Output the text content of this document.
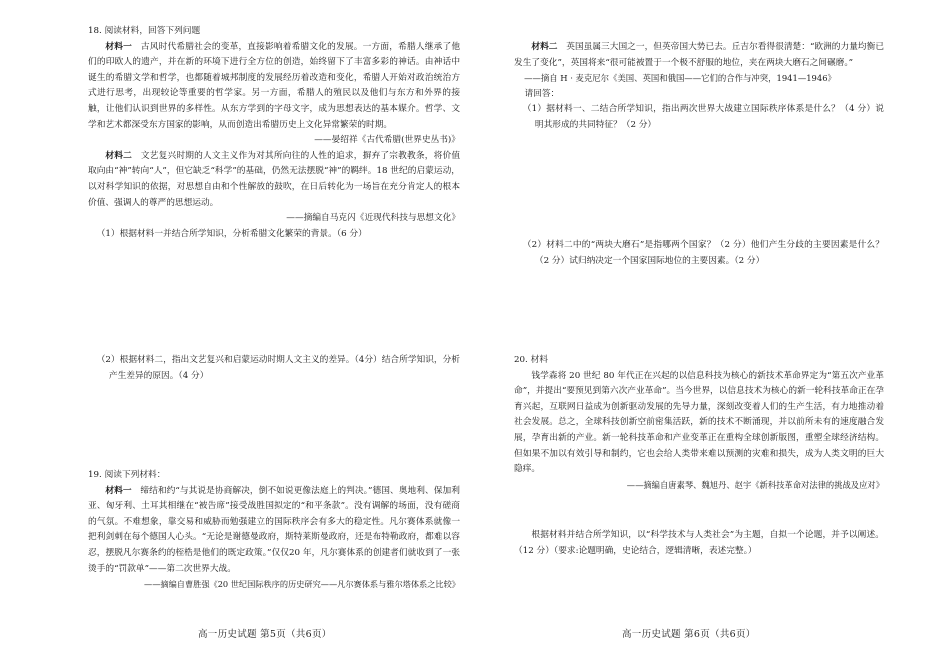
18. 阅读材料，回答下列问题

材料一　 古风时代希腊社会的变革，直接影响着希腊文化的发展。一方面，希腊人继承了他们的印欧人的遗产，并在新的环境下进行全方位的创造，始终留下了丰富多彩的神话。由神话中诞生的希腊文学和哲学，也都随着城邦制度的发展经历着改造和变化，希腊人开始对政治统治方式进行思考，出现较论等重要的哲学家。另一方面，希腊人的殖民以及他们与东方和外界的接触，让他们认识到世界的多样性。从东方学到的字母文字，成为思想表达的基本媒介。哲学、文学和艺术都深受东方国家的影响，从而创造出希腊历史上文化异常繁荣的时期。

——晏绍祥《古代希腊(世界史丛书)》

材料二　 文艺复兴时期的人文主义作为对其所向往的人性的追求，摒弃了宗教教条，将价值取向由“神”转向“人”，但它缺乏“科学”的基础，仍然无法摆脱“神”的羁绊。18 世纪的启蒙运动，以对科学知识的依据，对思想自由和个性解放的鼓吹，在日后转化为一场旨在充分肯定人的根本价值、强调人的尊严的思想运动。

——摘编自马克闪《近现代科技与思想文化》

（1）根据材料一并结合所学知识，分析希腊文化繁荣的背景。（6 分）

（2）根据材料二，指出文艺复兴和启蒙运动时期人文主义的差异。（4分）结合所学知识，分析产生差异的原因。（4 分）

19. 阅读下列材料：

材料一　 缔结和约“与其说是协商解决，倒不如说更像法庭上的判决。”德国、奥地利、保加利亚、匈牙利、土耳其相继在“被告席”接受战胜国拟定的“和平条款”。没有调解的场面，没有磋商的气氛。不难想象，靠交易和威胁而勉强建立的国际秩序会有多大的稳定性。凡尔赛体系就像一把利剑刺在每个德国人心头。“无论是谢德曼政府，斯特莱斯曼政府，还是布特勒政府，都难以容忍，摆脱凡尔赛条约的桎梏是他们的既定政策。”仅仅20 年，凡尔赛体系的创建者们就收到了一张烫手的“罚款单”——第二次世界大战。

——摘编自曹胜强《20 世纪国际秩序的历史研究——凡尔赛体系与雅尔塔体系之比较》

高一历史试题 第5页（共6页）

材料二　 英国虽属三大国之一，但英帝国大势已去。丘吉尔看得很清楚：“欧洲的力量均衡已发生了变化”，英国将来“很可能被置于一个极不舒服的地位，夹在两块大磨石之间碾磨。”

——摘自 H · 麦克尼尔《美国、英国和俄国——它们的合作与冲突，1941—1946》

请回答：

（1）据材料一、二结合所学知识，指出两次世界大战建立国际秩序体系是什么？（4 分）说明其形成的共同特征？（2 分）

（2）材料二中的“两块大磨石”是指哪两个国家？（2 分）他们产生分歧的主要因素是什么？（2 分）试归纳决定一个国家国际地位的主要因素。（2 分）

20. 材料

钱学森将 20 世纪 80 年代正在兴起的以信息科技为核心的新技术革命界定为“第五次产业革命”，并提出“要预见到第六次产业革命”。当今世界，以信息技术为核心的新一轮科技革命正在孕育兴起，互联网日益成为创新驱动发展的先导力量，深刻改变着人们的生产生活，有力地推动着社会发展。总之，全球科技创新空前密集活跃，新的技术不断涌现，并以前所未有的速度融合发展，孕育出新的产业。新一轮科技革命和产业变革正在重构全球创新版图，重塑全球经济结构。但如果不加以有效引导和制约，它也会给人类带来难以预测的灾难和损失，成为人类文明的巨大隐痒。

——摘编自唐素琴、魏旭丹、赵宇《新科技革命对法律的挑战及应对》

根据材料并结合所学知识，以“科学技术与人类社会”为主题，自拟一个论题，并予以阐述。（12 分）（要求:论题明确，史论结合，逻辑清晰，表述完整。）

高一历史试题 第6页（共6页）
